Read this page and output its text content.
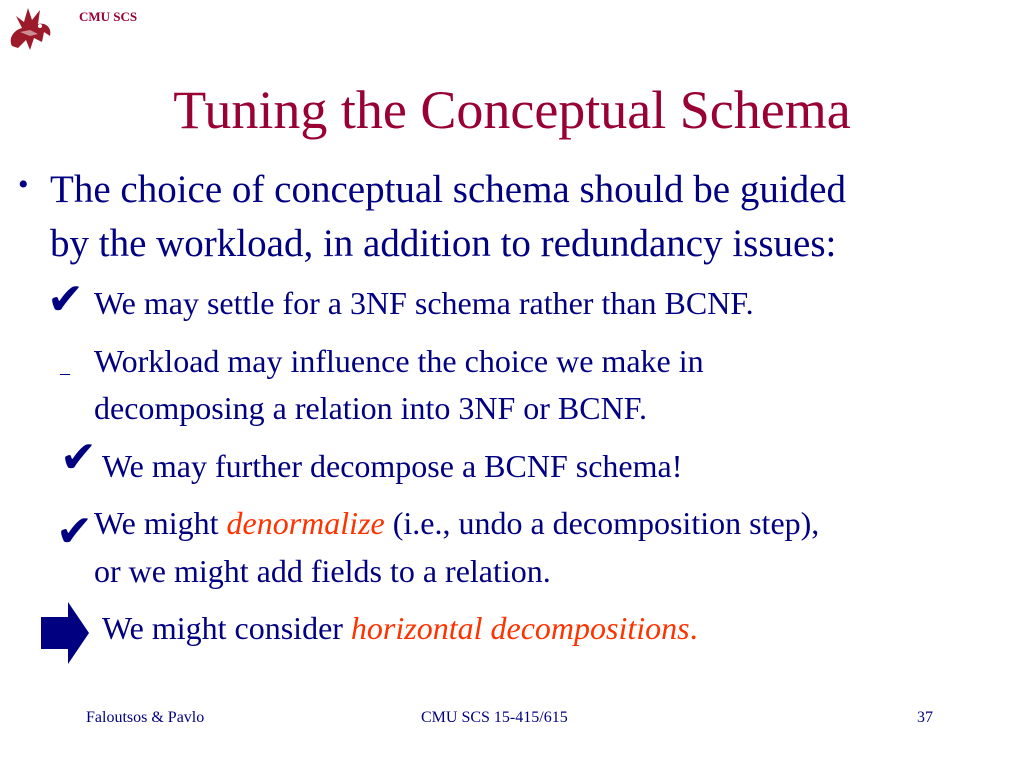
CMU SCS
Tuning the Conceptual Schema
• The choice of conceptual schema should be guided
by the workload, in addition to redundancy issues:
✔ We may settle for a 3NF schema rather than BCNF.
– Workload may influence the choice we make in
decomposing a relation into 3NF or BCNF.
✔ We may further decompose a BCNF schema!
✔ We might denormalize (i.e., undo a decomposition step),
or we might add fields to a relation.
We might consider horizontal decompositions.
Faloutsos & Pavlo	CMU SCS 15-415/615	37
